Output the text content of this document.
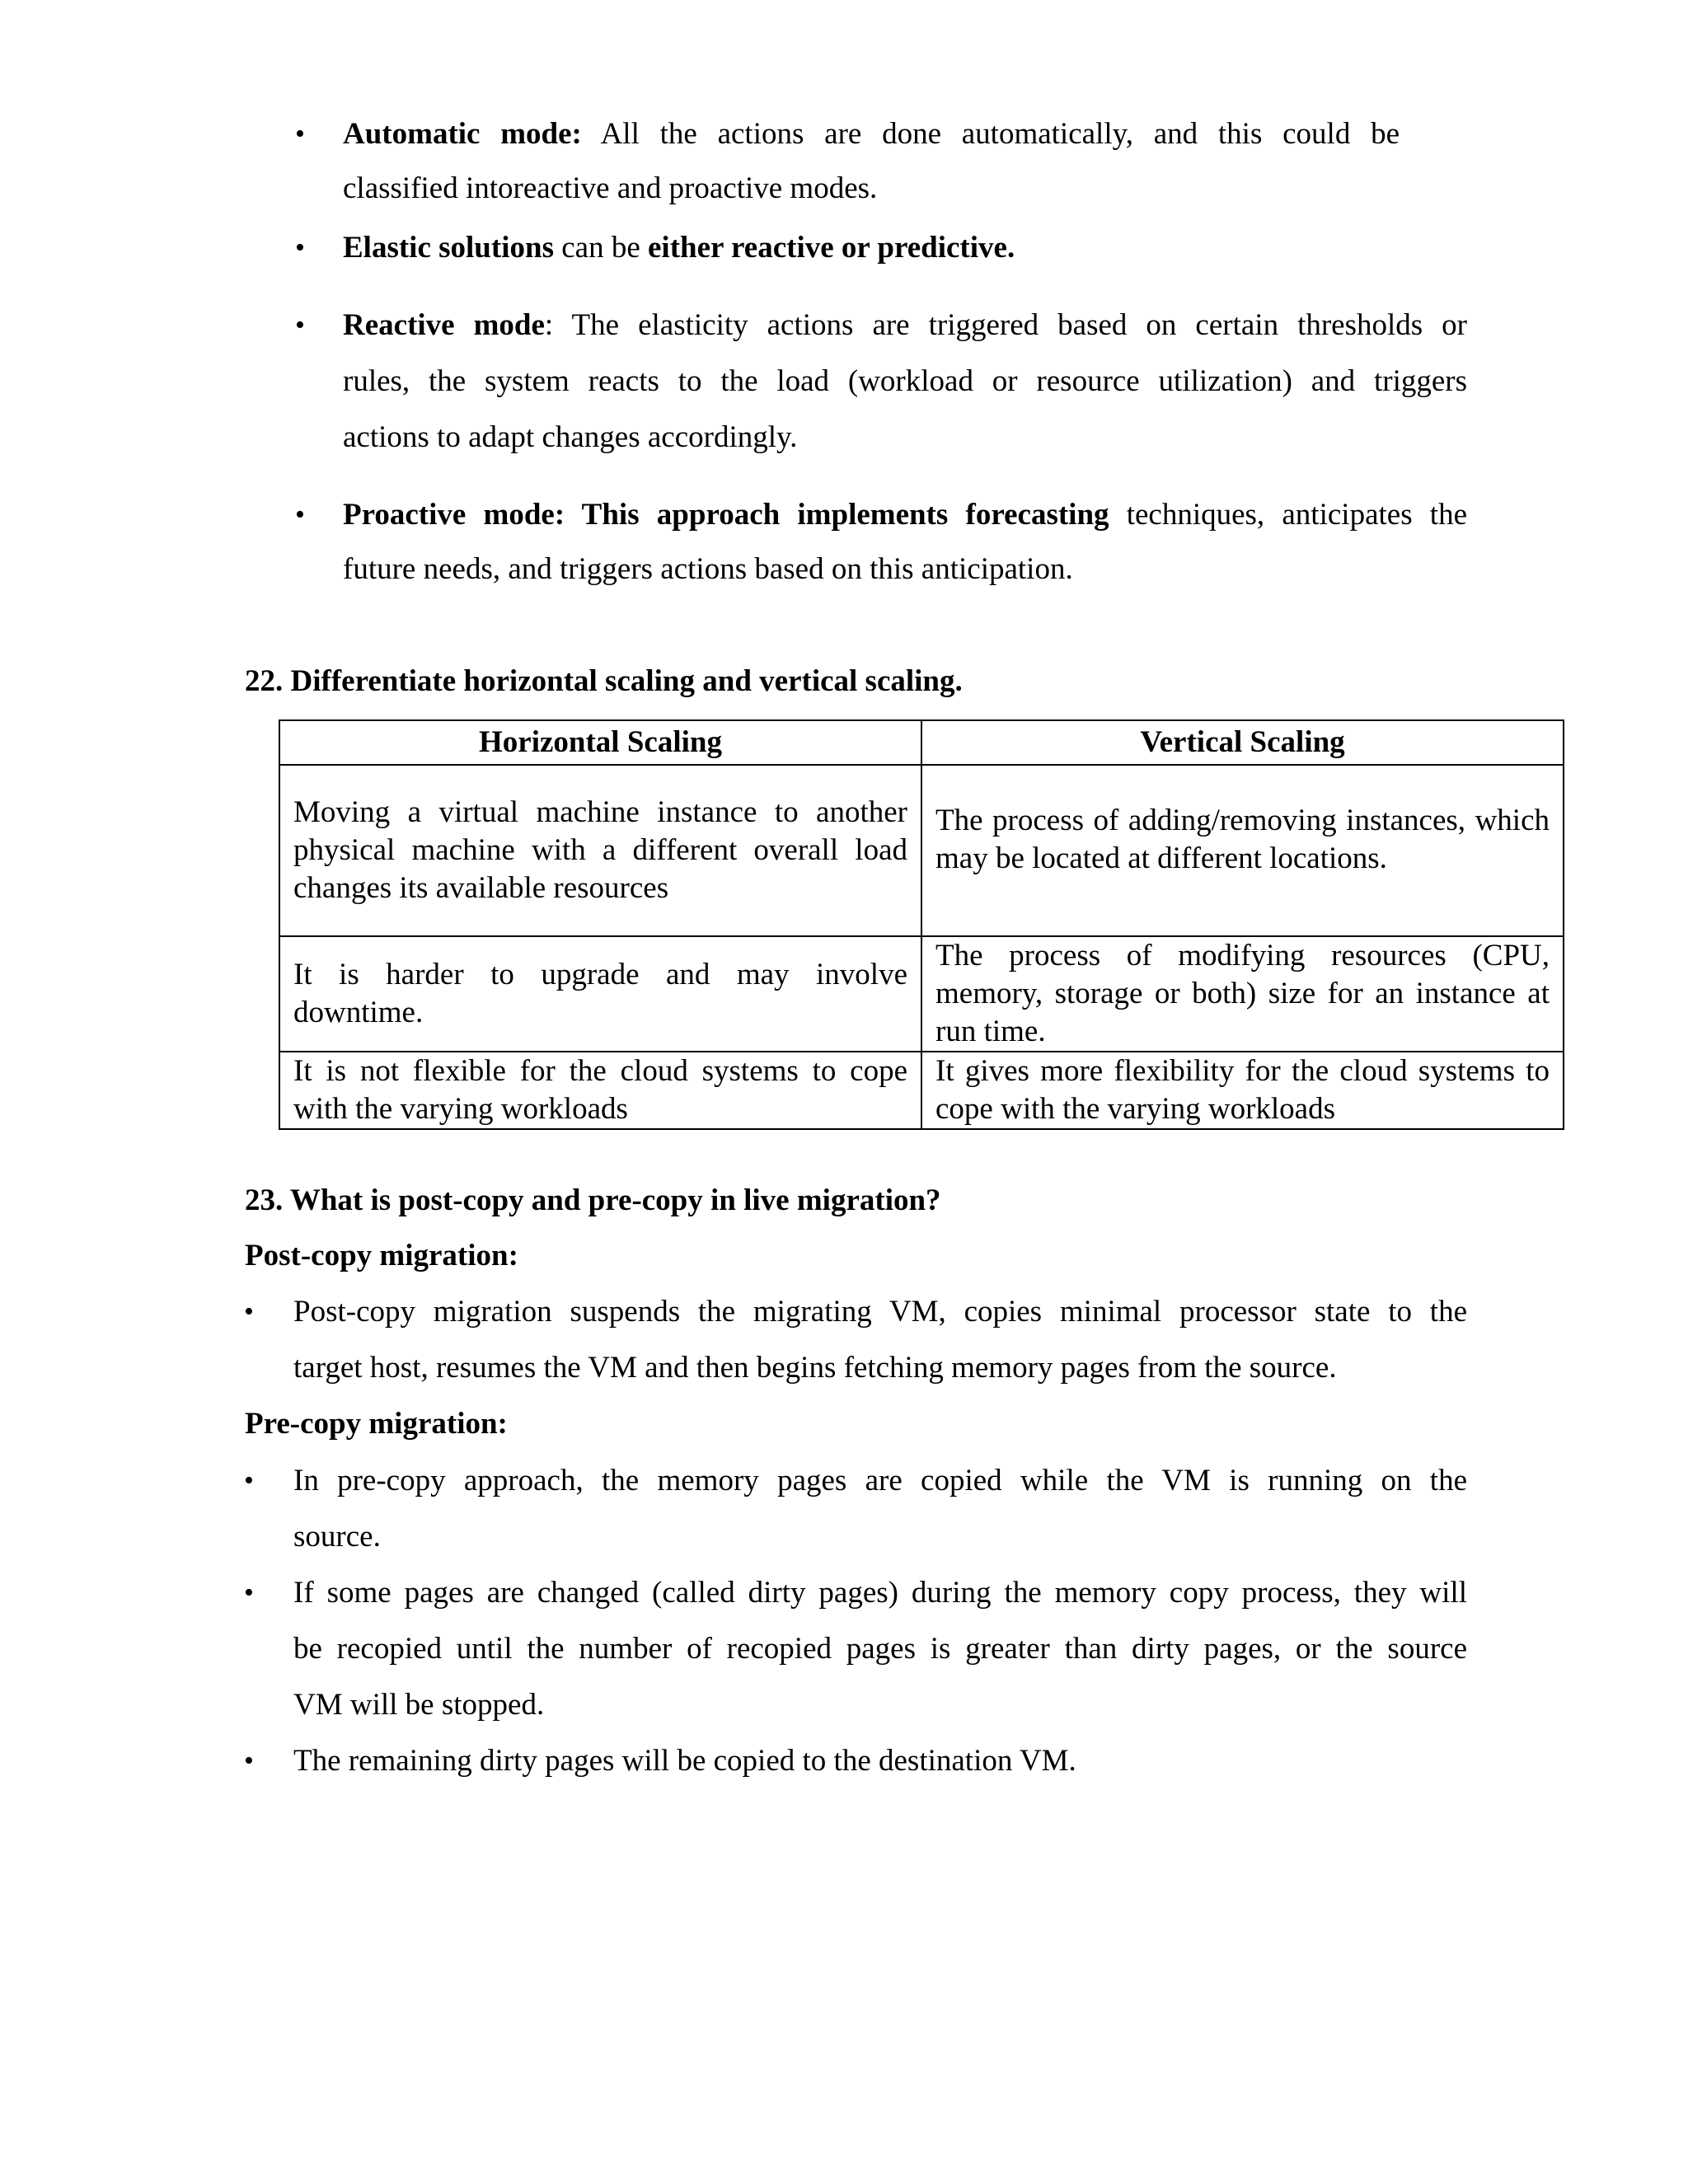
• Automatic mode: All the actions are done automatically, and this could be

classified intoreactive and proactive modes.

• Elastic solutions can be either reactive or predictive.

• Reactive mode: The elasticity actions are triggered based on certain thresholds or

rules, the system reacts to the load (workload or resource utilization) and triggers

actions to adapt changes accordingly.

• Proactive mode: This approach implements forecasting techniques, anticipates the

future needs, and triggers actions based on this anticipation.

22. Differentiate horizontal scaling and vertical scaling.

Horizontal Scaling	Vertical Scaling
Moving a virtual machine instance to another physical machine with a different overall load changes its available resources	The process of adding/removing instances, which may be located at different locations.
It is harder to upgrade and may involve downtime.	The process of modifying resources (CPU, memory, storage or both) size for an instance at run time.
It is not flexible for the cloud systems to cope with the varying workloads	It gives more flexibility for the cloud systems to cope with the varying workloads

23. What is post-copy and pre-copy in live migration?

Post-copy migration:

• Post-copy migration suspends the migrating VM, copies minimal processor state to the

target host, resumes the VM and then begins fetching memory pages from the source.

Pre-copy migration:

• In pre-copy approach, the memory pages are copied while the VM is running on the

source.

• If some pages are changed (called dirty pages) during the memory copy process, they will

be recopied until the number of recopied pages is greater than dirty pages, or the source

VM will be stopped.

• The remaining dirty pages will be copied to the destination VM.
